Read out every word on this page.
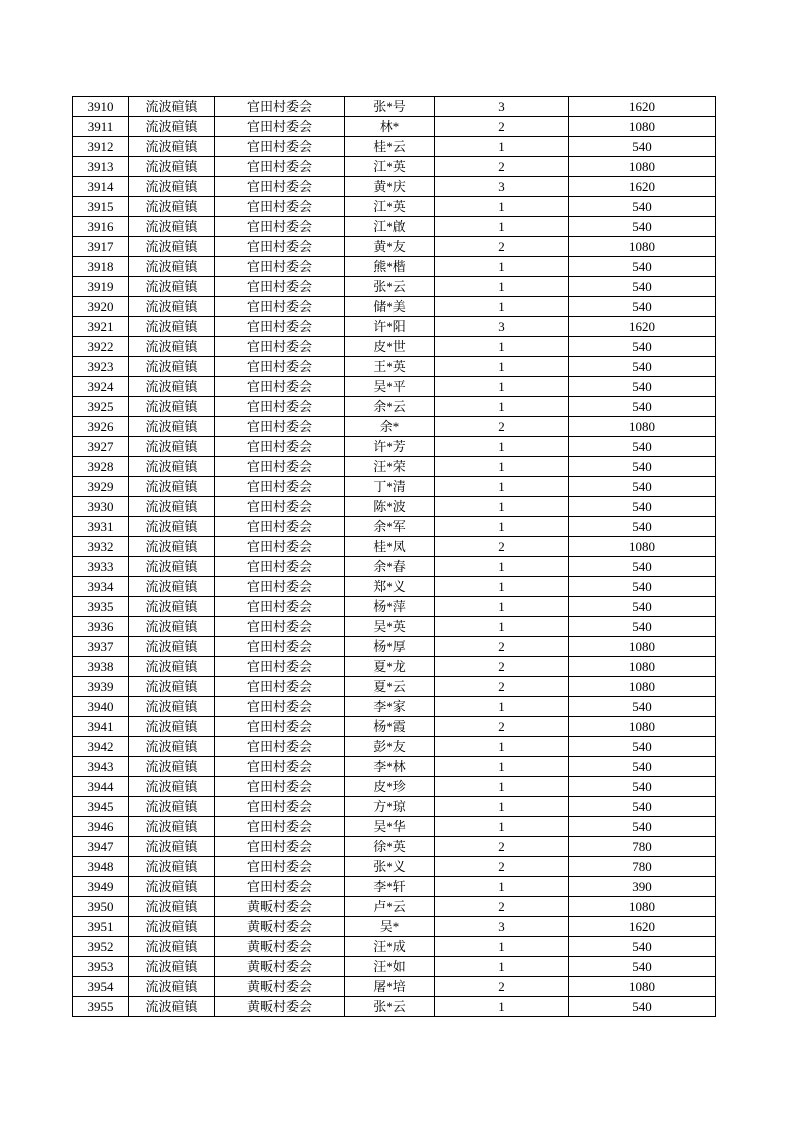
3910	流波碹镇	官田村委会	张*号	3	1620
3911	流波碹镇	官田村委会	林*	2	1080
3912	流波碹镇	官田村委会	桂*云	1	540
3913	流波碹镇	官田村委会	江*英	2	1080
3914	流波碹镇	官田村委会	黄*庆	3	1620
3915	流波碹镇	官田村委会	江*英	1	540
3916	流波碹镇	官田村委会	江*啟	1	540
3917	流波碹镇	官田村委会	黄*友	2	1080
3918	流波碹镇	官田村委会	熊*楷	1	540
3919	流波碹镇	官田村委会	张*云	1	540
3920	流波碹镇	官田村委会	储*美	1	540
3921	流波碹镇	官田村委会	许*阳	3	1620
3922	流波碹镇	官田村委会	皮*世	1	540
3923	流波碹镇	官田村委会	王*英	1	540
3924	流波碹镇	官田村委会	吴*平	1	540
3925	流波碹镇	官田村委会	余*云	1	540
3926	流波碹镇	官田村委会	余*	2	1080
3927	流波碹镇	官田村委会	许*芳	1	540
3928	流波碹镇	官田村委会	汪*荣	1	540
3929	流波碹镇	官田村委会	丁*清	1	540
3930	流波碹镇	官田村委会	陈*波	1	540
3931	流波碹镇	官田村委会	余*军	1	540
3932	流波碹镇	官田村委会	桂*凤	2	1080
3933	流波碹镇	官田村委会	余*春	1	540
3934	流波碹镇	官田村委会	郑*义	1	540
3935	流波碹镇	官田村委会	杨*萍	1	540
3936	流波碹镇	官田村委会	吴*英	1	540
3937	流波碹镇	官田村委会	杨*厚	2	1080
3938	流波碹镇	官田村委会	夏*龙	2	1080
3939	流波碹镇	官田村委会	夏*云	2	1080
3940	流波碹镇	官田村委会	李*家	1	540
3941	流波碹镇	官田村委会	杨*霞	2	1080
3942	流波碹镇	官田村委会	彭*友	1	540
3943	流波碹镇	官田村委会	李*林	1	540
3944	流波碹镇	官田村委会	皮*珍	1	540
3945	流波碹镇	官田村委会	方*琼	1	540
3946	流波碹镇	官田村委会	吴*华	1	540
3947	流波碹镇	官田村委会	徐*英	2	780
3948	流波碹镇	官田村委会	张*义	2	780
3949	流波碹镇	官田村委会	李*轩	1	390
3950	流波碹镇	黄畈村委会	卢*云	2	1080
3951	流波碹镇	黄畈村委会	吴*	3	1620
3952	流波碹镇	黄畈村委会	汪*成	1	540
3953	流波碹镇	黄畈村委会	汪*如	1	540
3954	流波碹镇	黄畈村委会	屠*培	2	1080
3955	流波碹镇	黄畈村委会	张*云	1	540
